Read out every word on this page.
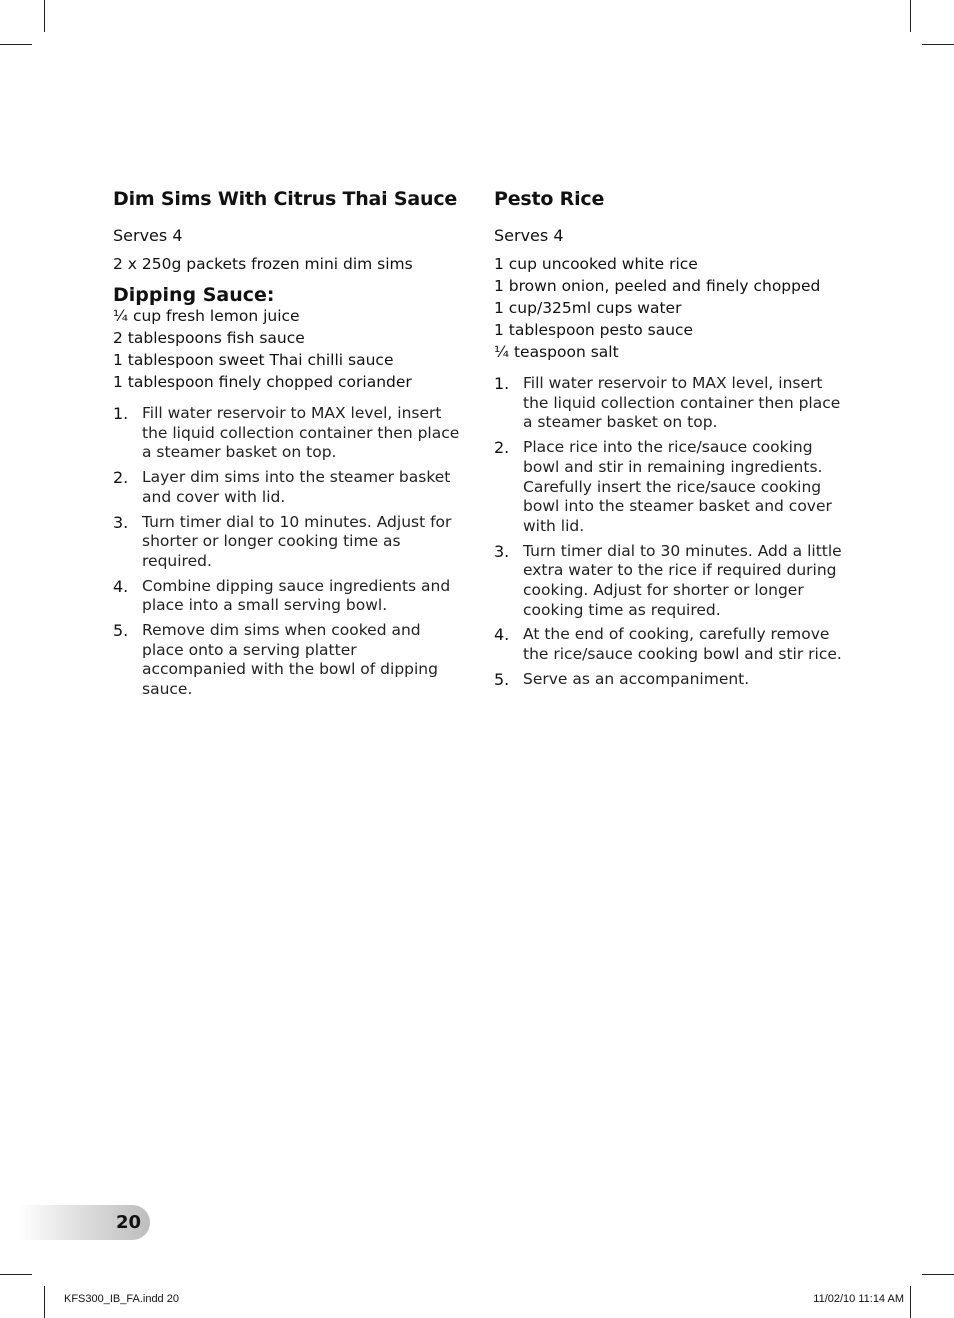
Dim Sims With Citrus Thai Sauce
Serves 4
2 x 250g packets frozen mini dim sims
Dipping Sauce:
¼ cup fresh lemon juice
2 tablespoons fish sauce
1 tablespoon sweet Thai chilli sauce
1 tablespoon finely chopped coriander
1. Fill water reservoir to MAX level, insert the liquid collection container then place a steamer basket on top.
2. Layer dim sims into the steamer basket and cover with lid.
3. Turn timer dial to 10 minutes. Adjust for shorter or longer cooking time as required.
4. Combine dipping sauce ingredients and place into a small serving bowl.
5. Remove dim sims when cooked and place onto a serving platter accompanied with the bowl of dipping sauce.
Pesto Rice
Serves 4
1 cup uncooked white rice
1 brown onion, peeled and finely chopped
1 cup/325ml cups water
1 tablespoon pesto sauce
¼ teaspoon salt
1. Fill water reservoir to MAX level, insert the liquid collection container then place a steamer basket on top.
2. Place rice into the rice/sauce cooking bowl and stir in remaining ingredients. Carefully insert the rice/sauce cooking bowl into the steamer basket and cover with lid.
3. Turn timer dial to 30 minutes. Add a little extra water to the rice if required during cooking. Adjust for shorter or longer cooking time as required.
4. At the end of cooking, carefully remove the rice/sauce cooking bowl and stir rice.
5. Serve as an accompaniment.
20
KFS300_IB_FA.indd 20	11/02/10 11:14 AM
